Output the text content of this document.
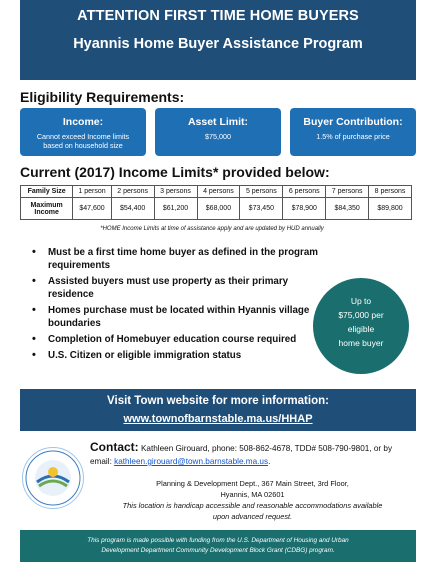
ATTENTION FIRST TIME HOME BUYERS
Hyannis Home Buyer Assistance Program
Eligibility Requirements:
Income:
Cannot exceed Income limits
based on household size
Asset Limit:
$75,000
Buyer Contribution:
1.5% of purchase price
Current (2017) Income Limits* provided below:
Family Size	1 person	2 persons	3 persons	4 persons	5 persons	6 persons	7 persons	8 persons
Maximum
Income	$47,600	$54,400	$61,200	$68,000	$73,450	$78,900	$84,350	$89,800
*HOME Income Limits at time of assistance apply and are updated by HUD annually
• Must be a first time home buyer as defined in the program requirements
• Assisted buyers must use property as their primary residence
• Homes purchase must be located within Hyannis village boundaries
• Completion of Homebuyer education course required
• U.S. Citizen or eligible immigration status
Up to
$75,000 per
eligible
home buyer
Visit Town website for more information:
www.townofbarnstable.ma.us/HHAP
Contact: Kathleen Girouard, phone: 508-862-4678, TDD# 508-790-9801, or by email: kathleen.girouard@town.barnstable.ma.us.
Planning & Development Dept., 367 Main Street, 3rd Floor,
Hyannis, MA 02601
This location is handicap accessible and reasonable accommodations available
upon advanced request.
This program is made possible with funding from the U.S. Department of Housing and Urban
Development Department Community Development Block Grant (CDBG) program.
